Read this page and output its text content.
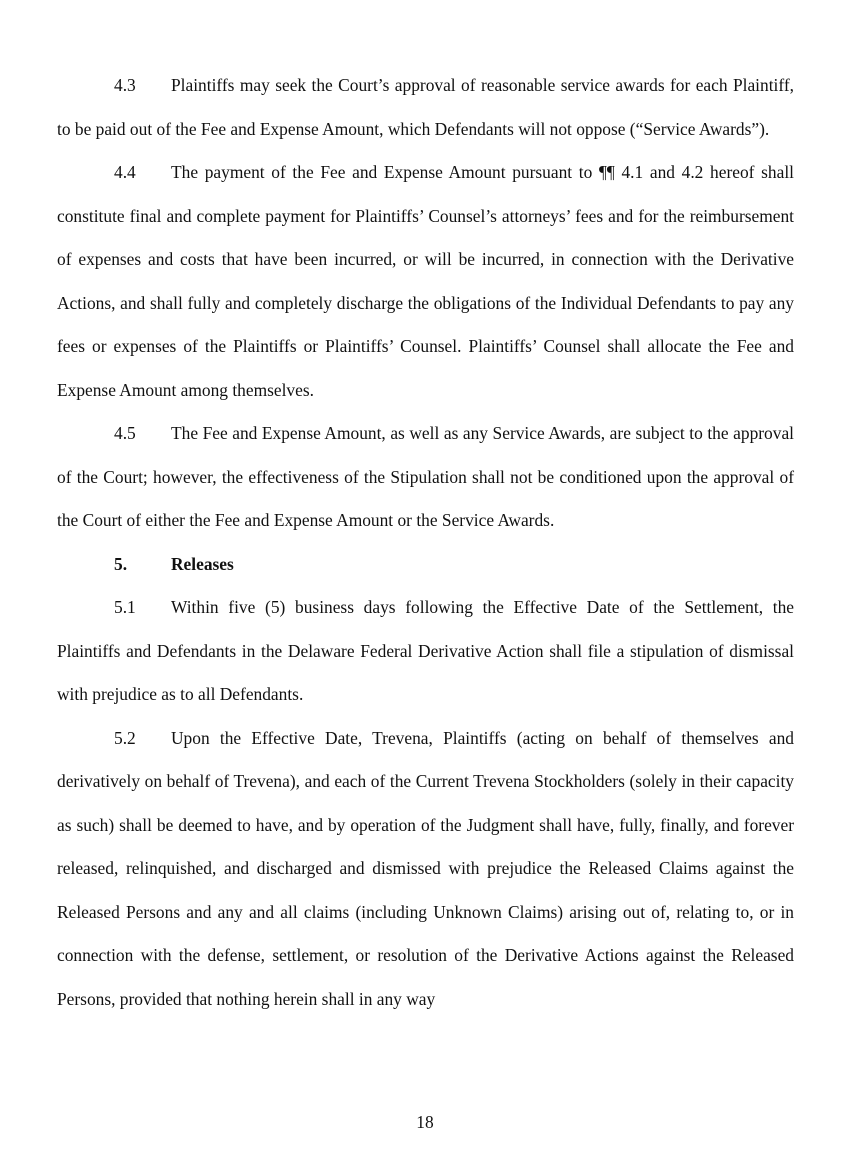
4.3 Plaintiffs may seek the Court’s approval of reasonable service awards for each Plaintiff, to be paid out of the Fee and Expense Amount, which Defendants will not oppose (“Service Awards”).

4.4 The payment of the Fee and Expense Amount pursuant to ¶¶ 4.1 and 4.2 hereof shall constitute final and complete payment for Plaintiffs’ Counsel’s attorneys’ fees and for the reimbursement of expenses and costs that have been incurred, or will be incurred, in connection with the Derivative Actions, and shall fully and completely discharge the obligations of the Individual Defendants to pay any fees or expenses of the Plaintiffs or Plaintiffs’ Counsel. Plaintiffs’ Counsel shall allocate the Fee and Expense Amount among themselves.

4.5 The Fee and Expense Amount, as well as any Service Awards, are subject to the approval of the Court; however, the effectiveness of the Stipulation shall not be conditioned upon the approval of the Court of either the Fee and Expense Amount or the Service Awards.

5.	Releases

5.1 Within five (5) business days following the Effective Date of the Settlement, the Plaintiffs and Defendants in the Delaware Federal Derivative Action shall file a stipulation of dismissal with prejudice as to all Defendants.

5.2 Upon the Effective Date, Trevena, Plaintiffs (acting on behalf of themselves and derivatively on behalf of Trevena), and each of the Current Trevena Stockholders (solely in their capacity as such) shall be deemed to have, and by operation of the Judgment shall have, fully, finally, and forever released, relinquished, and discharged and dismissed with prejudice the Released Claims against the Released Persons and any and all claims (including Unknown Claims) arising out of, relating to, or in connection with the defense, settlement, or resolution of the Derivative Actions against the Released Persons, provided that nothing herein shall in any way

18
